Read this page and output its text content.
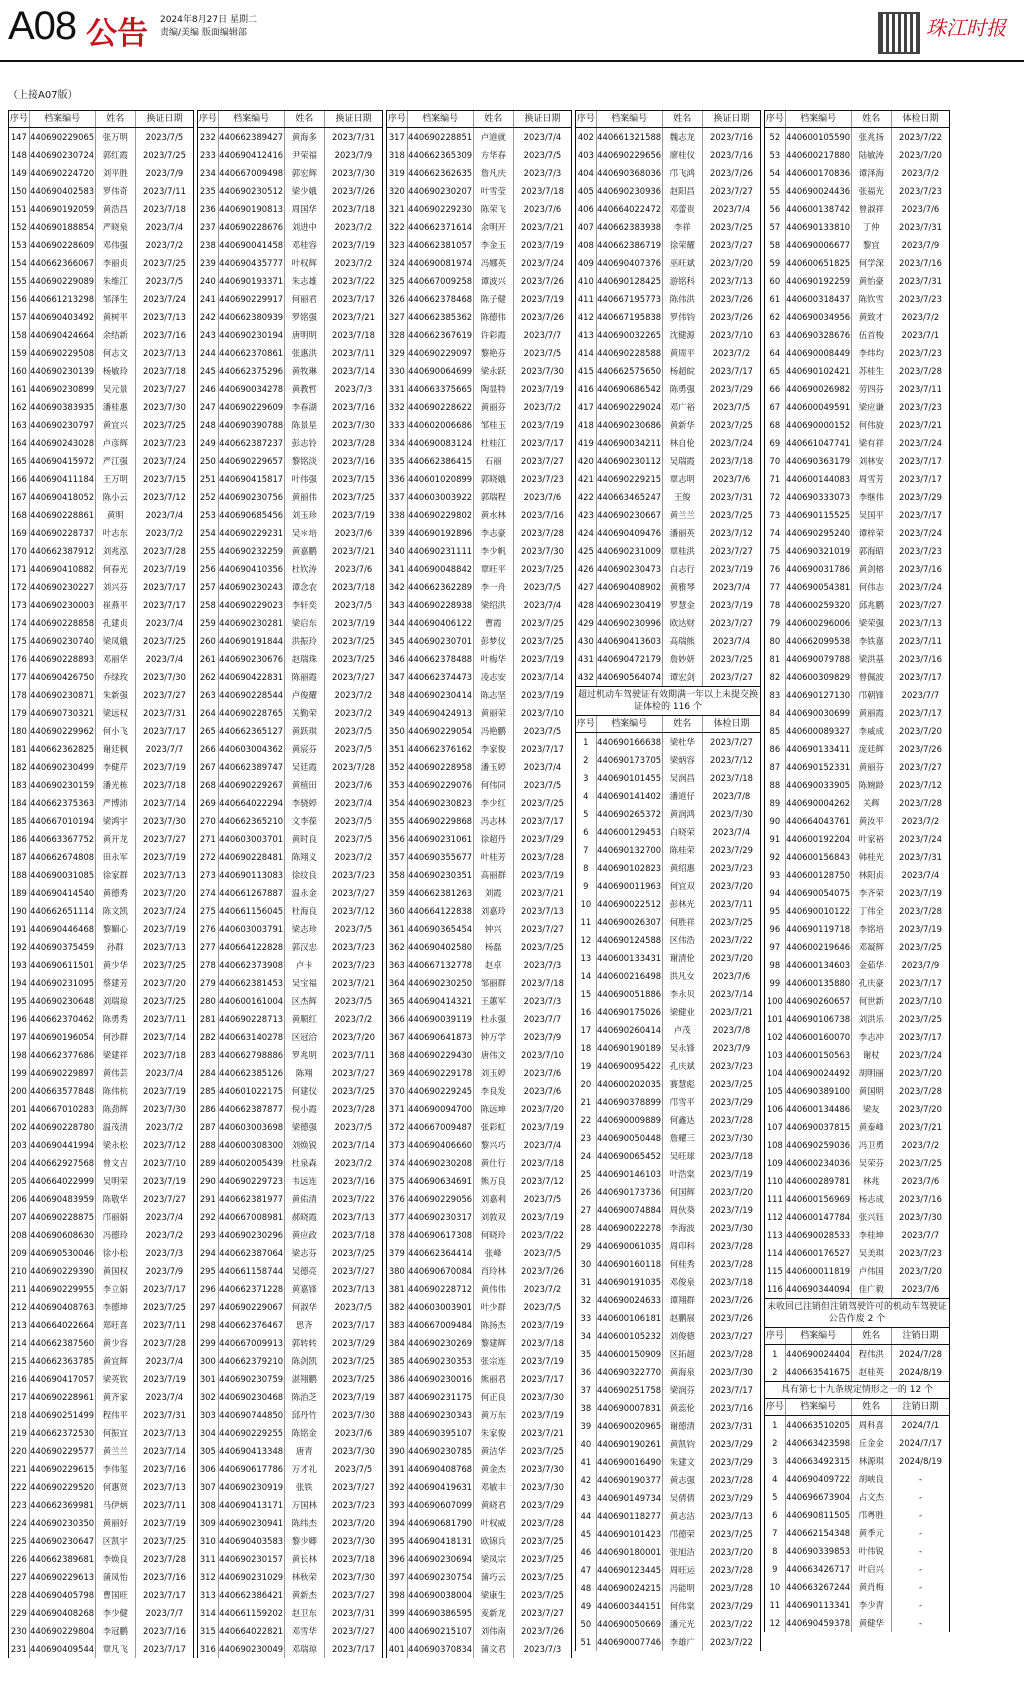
A08 公告 2024年8月27日 星期二
责编/美编 版面编辑部	珠江时报
（上接A07版）
序号	档案编号	姓名	换证日期
147 440690229065	张万明	2023/7/5
148 440690230724	郭红霞	2023/7/25
149 440690224720	刘平胜	2023/7/9
150 440690402583	罗伟奇	2023/7/11
151 440690192059	黄浩昌	2023/7/18
152 440690188854	严晓泉	2023/7/4
153 440690228609	邓伟强	2023/7/2
154 440662366067	李丽贞	2023/7/25
155 440690229089	朱维江	2023/7/5
156 440661213298	邹泽生	2023/7/24
157 440690403492	黄树平	2023/7/13
158 440690424664	余结新	2023/7/16
159 440690229508	何志文	2023/7/13
160 440690230139	杨敏玲	2023/7/18
161 440690230899	吴元景	2023/7/27
162 440690383935	潘桂惠	2023/7/30
163 440690230797	黄宜兴	2023/7/25
164 440690243028	卢彦辉	2023/7/23
165 440690415972	严江强	2023/7/24
166 440690411184	王万明	2023/7/15
167 440690418052	陈小云	2023/7/12
168 440690228861	黄明	2023/7/4
169 440690228737	叶志东	2023/7/2
170 440662387912	刘兆泓	2023/7/28
171 440690410882	何春光	2023/7/19
172 440690230227	刘兴芬	2023/7/17
173 440690230003	崔燕平	2023/7/17
174 440690228858	孔建贞	2023/7/4
175 440690230740	梁凤娥	2023/7/25
176 440690228893	邓丽华	2023/7/4
177 440690426750	乔绿玫	2023/7/30
178 440690230871	朱新强	2023/7/27
179 440690730321	梁远权	2023/7/31
180 440690229962	何小飞	2023/7/17
181 440662362825	谢廷枫	2023/7/7
182 440690230499	李健芹	2023/7/19
183 440690230159	潘光栋	2023/7/18
184 440662375363	严博沛	2023/7/14
185 440667010194	梁鸿宇	2023/7/30
186 440663367752	黄开龙	2023/7/27
187 440662674808	田永军	2023/7/19
188 440690031085	徐家群	2023/7/13
189 440690414540	黄德秀	2023/7/20
190 440662651114	陈文凯	2023/7/24
191 440690446468	黎媚心	2023/7/19
192 440690375459	孙群	2023/7/13
193 440690611501	黄少华	2023/7/25
194 440690231095	蔡建芳	2023/7/20
195 440690230648	刘瑞琼	2023/7/25
196 440662370462	陈勇秀	2023/7/11
197 440690196054	何沙群	2023/7/14
198 440662377686	梁建祥	2023/7/18
199 440690229897	黄伟芸	2023/7/4
200 440663577848	陈伟杭	2023/7/19
201 440667010283	陈劲辉	2023/7/30
202 440690228780	温茂清	2023/7/2
203 440690441994	梁永松	2023/7/12
204 440662927568	曾文吉	2023/7/10
205 440664022999	吴明荣	2023/7/19
206 440690483959	陈敬华	2023/7/27
207 440690228875	邝丽娟	2023/7/4
208 440690608630	冯德玲	2023/7/2
209 440690530046	徐小松	2023/7/3
210 440690229390	黄国权	2023/7/9
211 440690229955	李立娟	2023/7/17
212 440690408763	李德坤	2023/7/25
213 440664022664	郑旺喜	2023/7/11
214 440662387560	黄少容	2023/7/28
215 440662363785	黄宜辉	2023/7/4
216 440690417057	梁英钦	2023/7/19
217 440690228961	黄齐家	2023/7/4
218 440690251499	程伟平	2023/7/31
219 440662372530	何振宜	2023/7/13
220 440690229577	黄兰兰	2023/7/14
221 440690229615	李伟玺	2023/7/16
222 440690229520	何惠贤	2023/7/13
223 440662369981	马伊炳	2023/7/11
224 440690230350	黄丽好	2023/7/19
225 440690230647	区凯宇	2023/7/25
226 440662389681	李焕良	2023/7/28
227 440690229613	蒲凤怡	2023/7/16
228 440690405798	曹国旺	2023/7/17
229 440690408268	李少健	2023/7/7
230 440690229804	李冠鹏	2023/7/16
231 440690409544	覃凡飞	2023/7/17
序号	档案编号	姓名	换证日期
232 440662389427	黄海多	2023/7/31
233 440690412416	尹荣福	2023/7/9
234 440667009498	郭宏辉	2023/7/30
235 440690230512	梁少娥	2023/7/26
236 440690190813	周国华	2023/7/18
237 440690228676	刘进中	2023/7/2
238 440690041458	邓桂容	2023/7/19
239 440690435777	叶权辉	2023/7/2
240 440690193371	朱志雄	2023/7/22
241 440690229917	何丽君	2023/7/17
242 440662380939	罗铭强	2023/7/21
243 440690230194	唐明明	2023/7/18
244 440662370861	张惠洪	2023/7/11
245 440662375296	黄牧琳	2023/7/14
246 440690034278	黄教哲	2023/7/3
247 440690229609	李春湖	2023/7/16
248 440690390788	陈景星	2023/7/30
249 440662387237	彭志铃	2023/7/28
250 440690229657	黎铭淡	2023/7/16
251 440690415817	叶伟强	2023/7/15
252 440690230756	黄丽伟	2023/7/25
253 440690685456	刘玉珍	2023/7/19
254 440690229231	吴＊培	2023/7/6
255 440690232259	黄嘉鹏	2023/7/21
256 440690410356	杜钦涛	2023/7/6
257 440690230243	谭念农	2023/7/18
258 440690229023	李轩奕	2023/7/5
259 440690230281	梁启东	2023/7/19
260 440690191844	洪振玲	2023/7/25
261 440690230676	赵瑞珠	2023/7/25
262 440690422831	陈丽霞	2023/7/27
263 440690228544	卢俊耀	2023/7/2
264 440690228765	关勤荣	2023/7/2
265 440662365127	黄跃琪	2023/7/5
266 440603004362	黄宸芬	2023/7/5
267 440662389747	吴廷霞	2023/7/28
268 440690229267	黄植田	2023/7/6
269 440664022294	李骁婷	2023/7/4
270 440662365210	文李葆	2023/7/5
271 440603003701	黄时良	2023/7/5
272 440690228481	陈翔义	2023/7/2
273 440690113083	徐纹良	2023/7/23
274 440661267887	温永金	2023/7/27
275 440661156045	杜海良	2023/7/12
276 440603003791	梁志珍	2023/7/5
277 440664122828	郭汉忠	2023/7/23
278 440662373908	卢卡	2023/7/23
279 440662381453	吴宝福	2023/7/21
280 440600161004	区杰辉	2023/7/5
281 440690228713	黄顺红	2023/7/2
282 440663140278	区冠洽	2023/7/20
283 440662798886	罗兆明	2023/7/11
284 440662385126	陈翔	2023/7/27
285 440601022175	何建仪	2023/7/25
286 440662387877	倪小霞	2023/7/28
287 440603003698	梁德强	2023/7/5
288 440600308300	刘焕锐	2023/7/14
289 440602005439	杜泉森	2023/7/2
290 440690229723	韦远连	2023/7/16
291 440662381977	黄佑清	2023/7/22
292 440667008981	郝晓霞	2023/7/13
293 440690230296	黄应政	2023/7/18
294 440662387064	梁志芬	2023/7/25
295 440661158744	吴德亮	2023/7/27
296 440662371228	黄嘉锋	2023/7/13
297 440690229067	何淑华	2023/7/5
298 440662376467	思齐	2023/7/17
299 440667009913	郭转转	2023/7/29
300 440662379210	陈剑凯	2023/7/25
301 440690230759	湛翔鹏	2023/7/25
302 440690230468	陈治芝	2023/7/19
303 440690744850	邱丹竹	2023/7/30
304 440690229255	陈铭金	2023/7/6
305 440690413348	唐青	2023/7/30
306 440690617786	万才礼	2023/7/5
307 440690230919	张铁	2023/7/27
308 440690413171	万国林	2023/7/23
309 440690230941	陈纬杰	2023/7/20
310 440690403583	黎少卿	2023/7/30
311 440690230157	黄长林	2023/7/18
312 440690231029	林秋荣	2023/7/30
313 440662386421	黄新杰	2023/7/27
314 440661159202	赵卫东	2023/7/31
315 440664022821	邓雪华	2023/7/27
316 440690230049	邓瑞琼	2023/7/17
序号	档案编号	姓名	换证日期
317 440690228851	卢道就	2023/7/4
318 440662365309	方华春	2023/7/5
319 440662362635	詹凡庆	2023/7/3
320 440690230207	叶雪莹	2023/7/18
321 440690229230	陈荣飞	2023/7/6
322 440662371614	余明开	2023/7/21
323 440662381057	李金玉	2023/7/19
324 440690081974	冯娜英	2023/7/24
325 440667009258	谭波兴	2023/7/26
326 440662378468	陈子健	2023/7/19
327 440662385362	陈德伟	2023/7/26
328 440662367619	许彩霞	2023/7/7
329 440690229097	黎艳芬	2023/7/5
330 440690064699	梁永跃	2023/7/30
331 440663375665	陶显特	2023/7/19
332 440690228622	黄丽芬	2023/7/2
333 440602006686	邹桂玉	2023/7/19
334 440690083124	杜桂江	2023/7/17
335 440662386415	石丽	2023/7/27
336 440601020899	郭晓娥	2023/7/23
337 440603003922	郭瑞程	2023/7/6
338 440690229802	黄水林	2023/7/16
339 440690192896	李志豪	2023/7/28
340 440690231111	李少帆	2023/7/30
341 440690048842	覃旺平	2023/7/25
342 440662362289	李一舟	2023/7/5
343 440690228938	梁绍洪	2023/7/4
344 440690406122	曹霞	2023/7/25
345 440690230701	彭梦仪	2023/7/25
346 440662378488	叶梅华	2023/7/19
347 440662374473	凌志安	2023/7/14
348 440690230414	陈志坚	2023/7/19
349 440690424913	黄丽荣	2023/7/10
350 440690229054	冯艳鹏	2023/7/5
351 440662376162	李家俊	2023/7/17
352 440690228958	潘玉婷	2023/7/4
353 440690229076	何伟同	2023/7/5
354 440690230823	李少红	2023/7/25
355 440690229868	冯志林	2023/7/17
356 440690231061	徐超丹	2023/7/29
357 440690355677	叶桂芳	2023/7/28
358 440690230351	高丽群	2023/7/19
359 440662381263	刘霞	2023/7/21
360 440664122838	刘嘉玲	2023/7/13
361 440690365454	钟兴	2023/7/27
362 440690402580	杨磊	2023/7/25
363 440667132778	赵卓	2023/7/3
364 440690230250	邹丽群	2023/7/18
365 440690414321	王蕙军	2023/7/3
366 440690039119	杜永强	2023/7/7
367 440690641873	钟万学	2023/7/9
368 440690229430	唐伟文	2023/7/10
369 440690229178	刘玉婷	2023/7/6
370 440690229245	李良发	2023/7/6
371 440690094700	陈远坤	2023/7/20
372 440667009487	张彩虹	2023/7/19
373 440690406660	黎兴巧	2023/7/4
374 440690230208	黄仕行	2023/7/18
375 440690634691	熊万良	2023/7/12
376 440690229056	刘嘉利	2023/7/5
377 440690230317	刘敦双	2023/7/19
378 440690617308	何晓玲	2023/7/22
379 440662364414	张峰	2023/7/5
380 440690670084	肖玲林	2023/7/26
381 440690228712	黄伟伟	2023/7/2
382 440603003901	叶少群	2023/7/5
383 440667009484	陈扬杰	2023/7/19
384 440690230269	黎建辉	2023/7/18
385 440690230353	张宗连	2023/7/19
386 440690230016	熊丽君	2023/7/17
387 440690231175	何正良	2023/7/30
388 440690230343	黄万东	2023/7/19
389 440690395107	朱家俊	2023/7/21
390 440690230785	黄洁华	2023/7/25
391 440690408768	黄金杰	2023/7/30
392 440690419631	邓敏丰	2023/7/30
393 440690607099	黄晓君	2023/7/29
394 440690681790	叶权威	2023/7/28
395 440690418131	欧锦兵	2023/7/25
396 440690230694	梁凤宗	2023/7/25
397 440690230754	蒲巧云	2023/7/25
398 440690038004	梁康生	2023/7/25
399 440690386595	麦新龙	2023/7/27
400 440690215107	刘伟南	2023/7/26
401 440690370834	蒲文君	2023/7/3
序号	档案编号	姓名	换证日期
402 440661321588	魏志龙	2023/7/16
403 440690229656	廖桂仪	2023/7/16
404 440690368036	邝飞鸿	2023/7/26
405 440690230936	赵阳昌	2023/7/27
406 440664022472	邓蕾贵	2023/7/4
407 440662383938	李祥	2023/7/25
408 440662386719	徐荣耀	2023/7/27
409 440690407376	巫旺斌	2023/7/20
410 440690128425	游铭科	2023/7/13
411 440667195773	陈伟洪	2023/7/26
412 440667195838	罗伟钧	2023/7/26
413 440690032265	沈健源	2023/7/10
414 440690228588	黄周平	2023/7/2
415 440662575650	杨超皖	2023/7/17
416 440690686542	陈勇强	2023/7/29
417 440690229024	邓广裕	2023/7/5
418 440690230686	黄新华	2023/7/25
419 440690034211	林自伦	2023/7/24
420 440690230112	吴瑞霞	2023/7/18
421 440690229215	覃志明	2023/7/6
422 440663465247	王俊	2023/7/31
423 440690230667	黄兰兰	2023/7/25
424 440690409476	潘丽英	2023/7/12
425 440690231009	覃桂洪	2023/7/27
426 440690230473	白志行	2023/7/19
427 440690408902	黄雅琴	2023/7/4
428 440690230419	罗慧金	2023/7/19
429 440690230996	欧达财	2023/7/27
430 440690413603	高瑞熊	2023/7/4
431 440690472179	詹妙妍	2023/7/25
432 440690564074	谭宏剑	2023/7/27
超过机动车驾驶证有效期满一年以上未提交换证体检的 116 个
序号	档案编号	姓名	体检日期
1	440690166638	梁杜华	2023/7/27
2	440690173705	梁炳容	2023/7/12
3	440690101455	吴润昌	2023/7/18
4	440690141402	潘道仔	2023/7/8
5	440690265372	黄润鸿	2023/7/30
6	440600129453	白晓荣	2023/7/4
7	440690132700	陈桂荣	2023/7/29
8	440690102823	黄绍惠	2023/7/23
9	440690011963	何宜双	2023/7/20
10 440690022512	彭林光	2023/7/11
11 440690026307	何胜祥	2023/7/25
12 440690124588	区伟浩	2023/7/22
13 440600133431	谢清伦	2023/7/20
14 440600216498	洪凡女	2023/7/6
15 440690051886	李永贝	2023/7/14
16 440690175026	梁健业	2023/7/21
17 440690260414	卢茂	2023/7/8
18 440690190189	吴永锋	2023/7/9
19 440690095422	孔庆斌	2023/7/23
20 440600202035	赛慧彪	2023/7/25
21 440690378899	邝雪平	2023/7/29
22 440690009889	何鑫达	2023/7/28
23 440690050448	詹耀三	2023/7/30
24 440690065452	吴旺球	2023/7/18
25 440690146103	叶浩棠	2023/7/19
26 440690173736	何国辉	2023/7/20
27 440690074884	周伙葵	2023/7/19
28 440690022278	李海波	2023/7/30
29 440690061035	周印科	2023/7/28
30 440690160118	何桂秀	2023/7/28
31 440690191035	邓俊泉	2023/7/18
32 440690024633	谭翔群	2023/7/26
33 440600106181	赵鹏展	2023/7/26
34 440600105232	刘俊德	2023/7/27
35 440600150909	区拓超	2023/7/28
36 440690322770	黄海泉	2023/7/30
37 440690251758	梁润芬	2023/7/17
38 440690007831	黄蕊伦	2023/7/16
39 440690020965	谢德清	2023/7/31
40 440690190261	黄凯钧	2023/7/29
41 440690016490	朱建文	2023/7/29
42 440690190377	黄志强	2023/7/28
43 440690149734	吴倩倩	2023/7/29
44 440690118277	黄志洁	2023/7/13
45 440690101423	邝德荣	2023/7/25
46 440690180001	张旭洁	2023/7/20
47 440690123445	周旺运	2023/7/28
48 440690024215	冯能明	2023/7/28
49 440600344151	何伟棠	2023/7/29
50 440690050669	潘元光	2023/7/22
51 440690007746	李雄广	2023/7/22
序号	档案编号	姓名	体检日期
52 440600105590	张兆扬	2023/7/22
53 440600217880	陆敏涛	2023/7/20
54 440600170836	谭泽海	2023/7/2
55 440690024436	张福光	2023/7/23
56 440600138742	曾淑祥	2023/7/6
57 440690133810	丁仲	2023/7/31
58 440690006677	黎宜	2023/7/9
59 440600651825	何学深	2023/7/16
60 440690192259	黄怡豪	2023/7/31
61 440600318437	陈钦雪	2023/7/23
62 440690034956	黄致才	2023/7/2
63 440690328676	伍首梭	2023/7/1
64 440690008449	李炜均	2023/7/23
65 440690102421	苏桂生	2023/7/28
66 440690026982	劳四芬	2023/7/11
67 440600049591	梁应谦	2023/7/23
68 440690000152	何伟旋	2023/7/21
69 440661047741	梁有祥	2023/7/24
70 440690363179	刘林安	2023/7/17
71 440600144083	周雪芳	2023/7/17
72 440690333073	李继伟	2023/7/29
73 440690115525	吴国平	2023/7/17
74 440690295240	谭梓荣	2023/7/24
75 440690321019	郭海昭	2023/7/23
76 440690031786	黄剑榕	2023/7/16
77 440690054381	何伟志	2023/7/24
78 440600259320	邱兆鹏	2023/7/27
79 440600296006	梁荣强	2023/7/13
80 440662099538	李铁嘉	2023/7/11
81 440690079788	梁洪基	2023/7/16
82 440600309829	曾佩波	2023/7/17
83 440690127130	邝朝锋	2023/7/7
84 440690030699	黄丽霞	2023/7/17
85 440600089327	李威成	2023/7/20
86 440690133411	庞廷辉	2023/7/26
87 440690152331	黄丽芬	2023/7/27
88 440690033905	陈婉龄	2023/7/12
89 440690004262	关辉	2023/7/28
90 440664043761	黄汝平	2023/7/2
91 440600192204	叶家裕	2023/7/24
92 440600156843	韩桂光	2023/7/31
93 440600128750	林阳贞	2023/7/4
94 440690054075	李齐荣	2023/7/19
95 440690010122	丁伟全	2023/7/28
96 440690119718	李铭培	2023/7/19
97 440600219646	邓凝辉	2023/7/25
98 440600134603	金茹华	2023/7/9
99 440600135880	孔庆豪	2023/7/17
100 440690260657	何世新	2023/7/10
101 440690106738	刘洪乐	2023/7/25
102 440600160070	李志冲	2023/7/17
103 440600150563	谢杖	2023/7/24
104 440690024492	胡明丽	2023/7/20
105 440690389100	黄国明	2023/7/28
106 440600134486	梁友	2023/7/20
107 440690037815	黄泰峰	2023/7/21
108 440690259036	冯卫勇	2023/7/2
109 440600234036	吴荣芬	2023/7/25
110 440600289781	林兆	2023/7/6
111 440600156969	杨志成	2023/7/16
112 440600147784	张兴钰	2023/7/30
113 440690028533	李桂坤	2023/7/7
114 440600176527	吴美琪	2023/7/23
115 440600011819	卢伟国	2023/7/20
116 440690344094	佳广毅	2023/7/6
未收回已注销但注销驾驶许可的机动车驾驶证公告作废 2 个
序号	档案编号	姓名	注销日期
1	440690024404	程伟洪	2024/7/28
2	440663541675	赵桂英	2024/8/19
具有第七十九条规定情形之一的 12 个
序号	档案编号	姓名	注销日期
1	440663510205	周科喜	2024/7/1
2	440663423598	丘金金	2024/7/17
3	440663492315	林源琪	2024/8/19
4	440690409722	胡峡良	-
5	440696673904	占文杰	-
6	440690811505	邝粤胜	-
7	440662154348	黄季元	-
8	440690339853	叶伟锐	-
9	440663426717	叶启兴	-
10 440663267244	黄肖梅	-
11 440690113341	李少青	-
12 440690459378	黄健华	-
